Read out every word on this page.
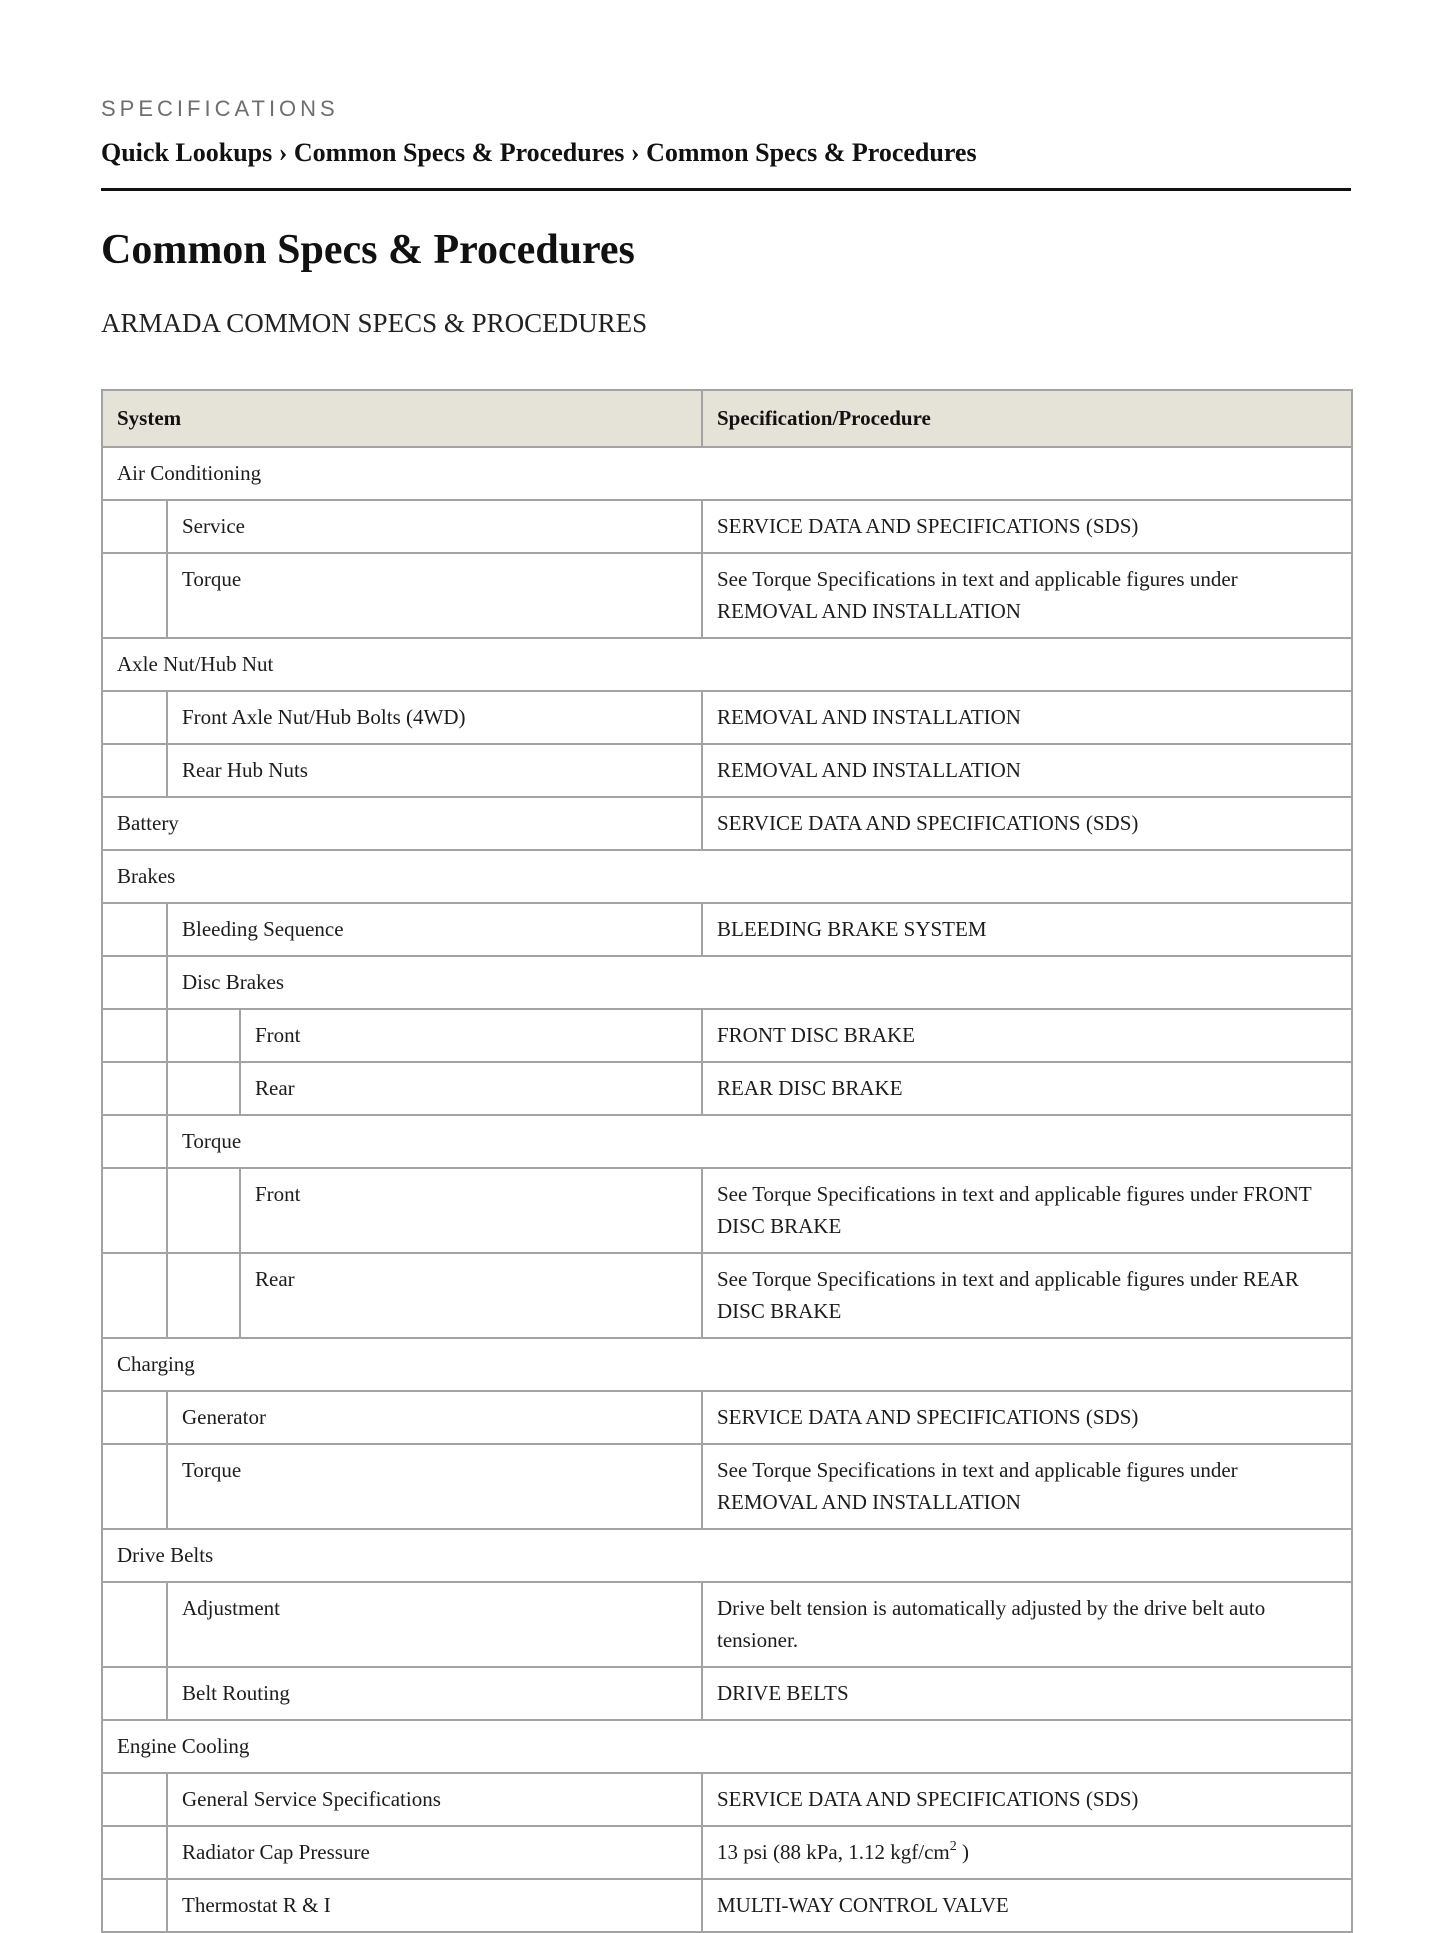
SPECIFICATIONS
Quick Lookups › Common Specs & Procedures › Common Specs & Procedures
Common Specs & Procedures
ARMADA COMMON SPECS & PROCEDURES
System			Specification/Procedure
Air Conditioning			
	Service		SERVICE DATA AND SPECIFICATIONS (SDS)
	Torque		See Torque Specifications in text and applicable figures under REMOVAL AND INSTALLATION
Axle Nut/Hub Nut			
	Front Axle Nut/Hub Bolts (4WD)		REMOVAL AND INSTALLATION
	Rear Hub Nuts		REMOVAL AND INSTALLATION
Battery			SERVICE DATA AND SPECIFICATIONS (SDS)
Brakes			
	Bleeding Sequence		BLEEDING BRAKE SYSTEM
	Disc Brakes		
		Front	FRONT DISC BRAKE
		Rear	REAR DISC BRAKE
	Torque		
		Front	See Torque Specifications in text and applicable figures under FRONT DISC BRAKE
		Rear	See Torque Specifications in text and applicable figures under REAR DISC BRAKE
Charging			
	Generator		SERVICE DATA AND SPECIFICATIONS (SDS)
	Torque		See Torque Specifications in text and applicable figures under REMOVAL AND INSTALLATION
Drive Belts			
	Adjustment		Drive belt tension is automatically adjusted by the drive belt auto tensioner.
	Belt Routing		DRIVE BELTS
Engine Cooling			
	General Service Specifications		SERVICE DATA AND SPECIFICATIONS (SDS)
	Radiator Cap Pressure		13 psi (88 kPa, 1.12 kgf/$cm^2$ )
	Thermostat R & I		MULTI-WAY CONTROL VALVE
